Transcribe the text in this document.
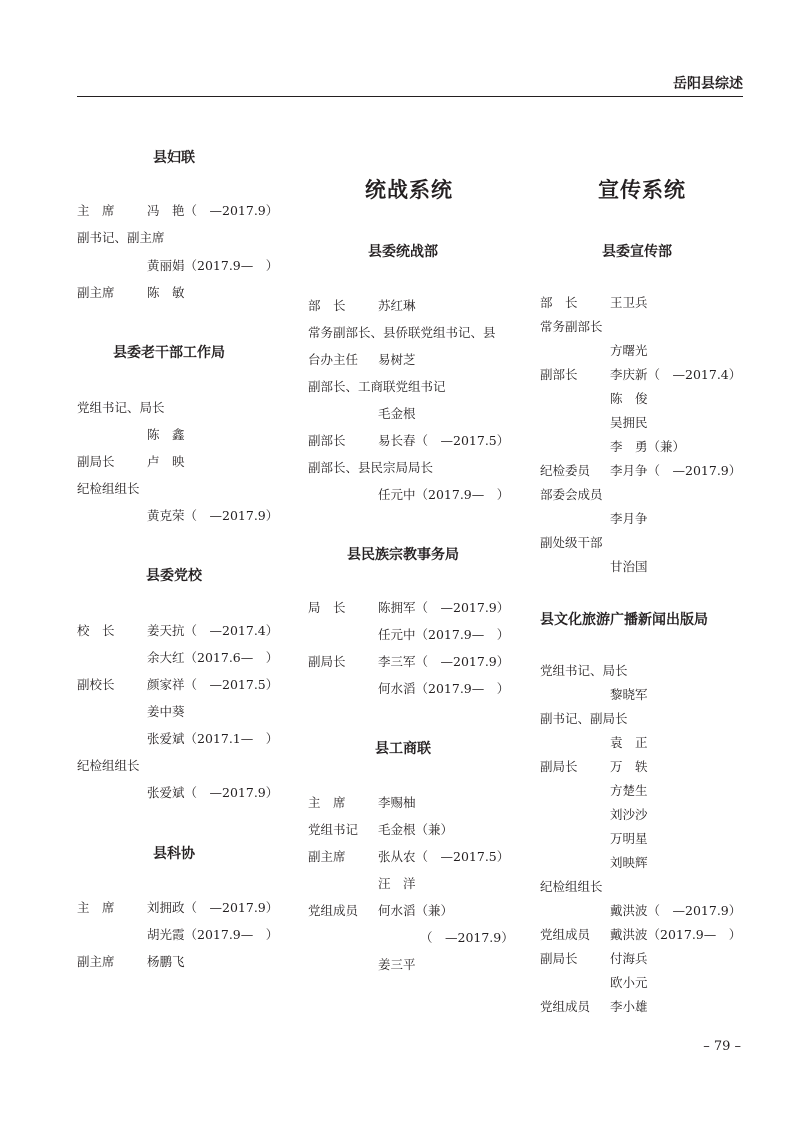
岳阳县综述
县妇联
主　席	冯　艳（　—2017.9）
副书记、副主席
黄丽娟（2017.9—　）
副主席	陈　敏
县委老干部工作局
党组书记、局长
陈　鑫
副局长	卢　映
纪检组组长
黄克荣（　—2017.9）
县委党校
校　长	姜天抗（　—2017.4）
余大红（2017.6—　）
副校长	颜家祥（　—2017.5）
姜中葵
张爱斌（2017.1—　）
纪检组组长
张爱斌（　—2017.9）
县科协
主　席	刘拥政（　—2017.9）
胡光霞（2017.9—　）
副主席	杨鹏飞
统战系统
县委统战部
部　长	苏红琳
常务副部长、县侨联党组书记、县
台办主任 易树芝
副部长、工商联党组书记
毛金根
副部长	易长春（　—2017.5）
副部长、县民宗局局长
任元中（2017.9—　）
县民族宗教事务局
局　长	陈拥军（　—2017.9）
任元中（2017.9—　）
副局长	李三军（　—2017.9）
何水滔（2017.9—　）
县工商联
主　席	李赐柚
党组书记 毛金根（兼）
副主席	张从农（　—2017.5）
汪　洋
党组成员 何水滔（兼）
（　—2017.9）
姜三平
宣传系统
县委宣传部
部　长	王卫兵
常务副部长
方曙光
副部长	李庆新（　—2017.4）
陈　俊
吴拥民
李　勇（兼）
纪检委员 李月争（　—2017.9）
部委会成员
李月争
副处级干部
甘治国
县文化旅游广播新闻出版局
党组书记、局长
黎晓军
副书记、副局长
袁　正
副局长	万　轶
方楚生
刘沙沙
万明星
刘映辉
纪检组组长
戴洪波（　—2017.9）
党组成员 戴洪波（2017.9—　）
副局长	付海兵
欧小元
党组成员 李小雄
– 79 –
